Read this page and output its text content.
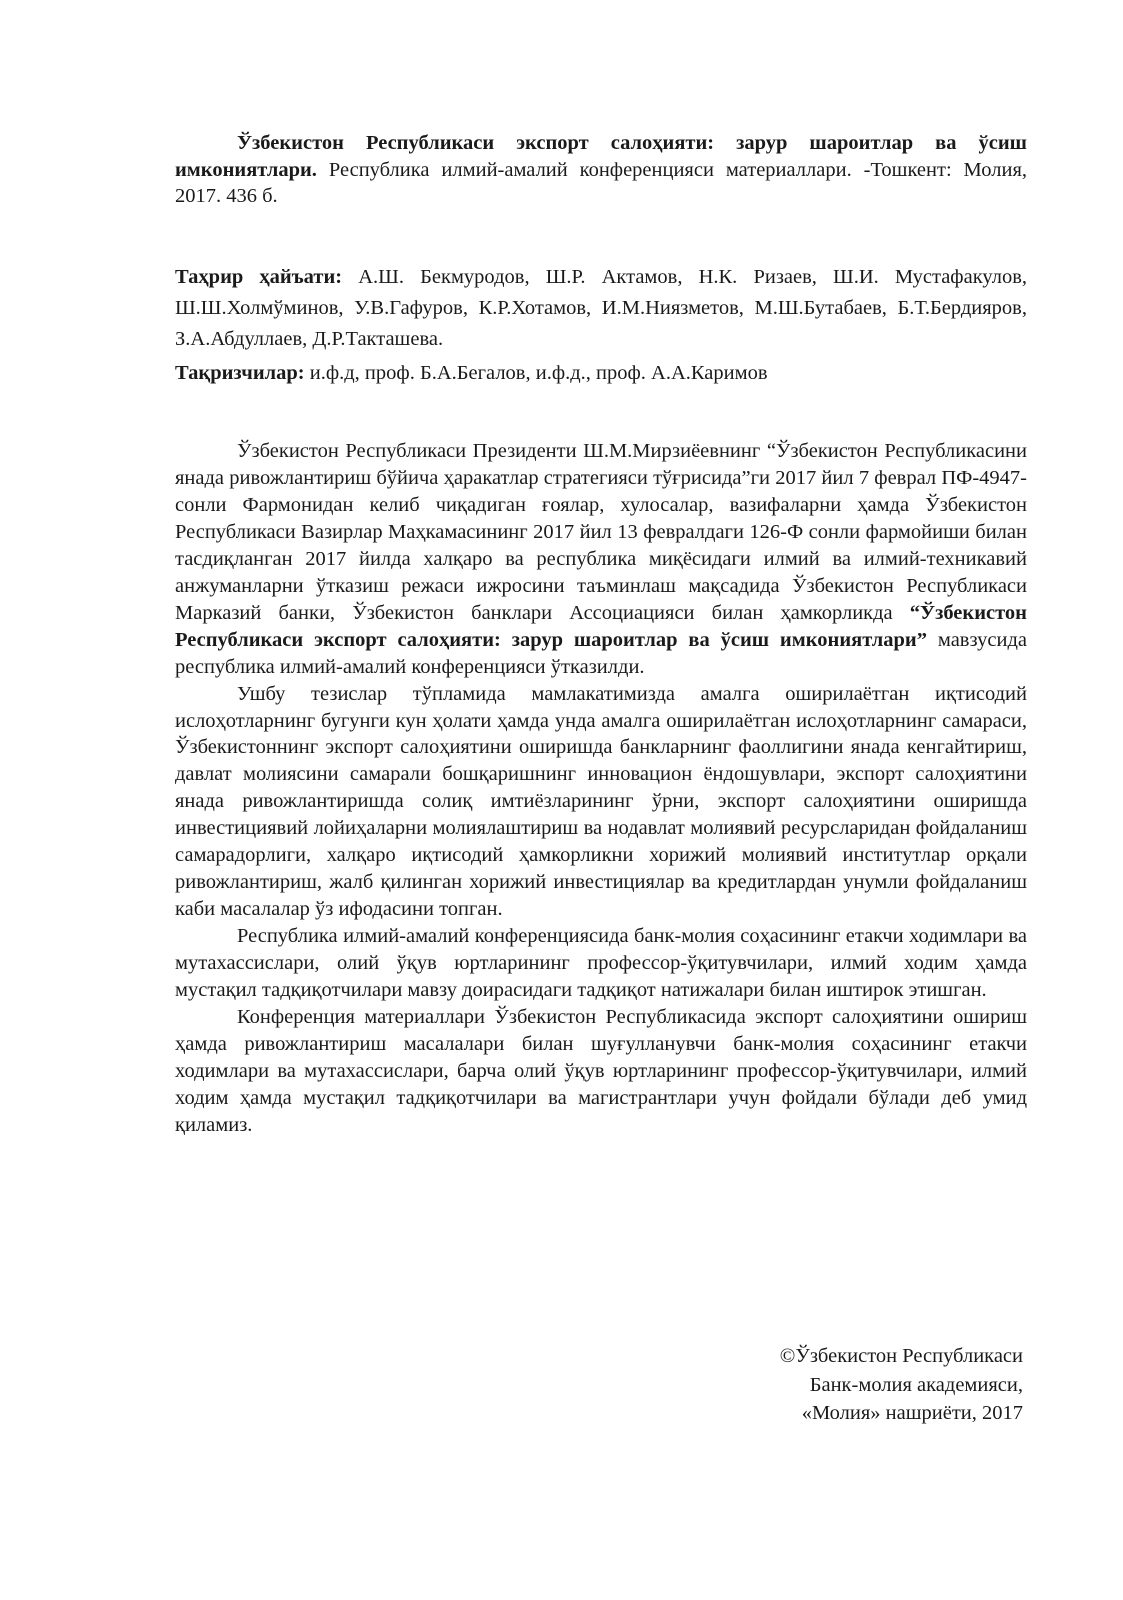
Ўзбекистон Республикаси экспорт салоҳияти: зарур шароитлар ва ўсиш имкониятлари. Республика илмий-амалий конференцияси материаллари. -Тошкент: Молия, 2017. 436 б.
Таҳрир ҳайъати: А.Ш. Бекмуродов, Ш.Р. Актамов, Н.К. Ризаев, Ш.И. Мустафакулов, Ш.Ш.Холмўминов, У.В.Гафуров, К.Р.Хотамов, И.М.Ниязметов, М.Ш.Бутабаев, Б.Т.Бердияров, З.А.Абдуллаев, Д.Р.Такташева.
Тақризчилар: и.ф.д, проф. Б.А.Бегалов, и.ф.д., проф. А.А.Каримов

Ўзбекистон Республикаси Президенти Ш.М.Мирзиёевнинг “Ўзбекистон Республикасини янада ривожлантириш бўйича ҳаракатлар стратегияси тўғрисида”ги 2017 йил 7 феврал ПФ-4947-сонли Фармонидан келиб чиқадиган ғоялар, хулосалар, вазифаларни ҳамда Ўзбекистон Республикаси Вазирлар Маҳкамасининг 2017 йил 13 февралдаги 126-Ф сонли фармойиши билан тасдиқланган 2017 йилда халқаро ва республика миқёсидаги илмий ва илмий-техникавий анжуманларни ўтказиш режаси ижросини таъминлаш мақсадида Ўзбекистон Республикаси Марказий банки, Ўзбекистон банклари Ассоциацияси билан ҳамкорликда “Ўзбекистон Республикаси экспорт салоҳияти: зарур шароитлар ва ўсиш имкониятлари” мавзусида республика илмий-амалий конференцияси ўтказилди.

Ушбу тезислар тўпламида мамлакатимизда амалга оширилаётган иқтисодий ислоҳотларнинг бугунги кун ҳолати ҳамда унда амалга оширилаётган ислоҳотларнинг самараси, Ўзбекистоннинг экспорт салоҳиятини оширишда банкларнинг фаоллигини янада кенгайтириш, давлат молиясини самарали бошқаришнинг инновацион ёндошувлари, экспорт салоҳиятини янада ривожлантиришда солиқ имтиёзларининг ўрни, экспорт салоҳиятини оширишда инвестициявий лойиҳаларни молиялаштириш ва нодавлат молиявий ресурсларидан фойдаланиш самарадорлиги, халқаро иқтисодий ҳамкорликни хорижий молиявий институтлар орқали ривожлантириш, жалб қилинган хорижий инвестициялар ва кредитлардан унумли фойдаланиш каби масалалар ўз ифодасини топган.

Республика илмий-амалий конференциясида банк-молия соҳасининг етакчи ходимлари ва мутахассислари, олий ўқув юртларининг профессор-ўқитувчилари, илмий ходим ҳамда мустақил тадқиқотчилари мавзу доирасидаги тадқиқот натижалари билан иштирок этишган.

Конференция материаллари Ўзбекистон Республикасида экспорт салоҳиятини ошириш ҳамда ривожлантириш масалалари билан шуғулланувчи банк-молия соҳасининг етакчи ходимлари ва мутахассислари, барча олий ўқув юртларининг профессор-ўқитувчилари, илмий ходим ҳамда мустақил тадқиқотчилари ва магистрантлари учун фойдали бўлади деб умид қиламиз.

©Ўзбекистон Республикаси
Банк-молия академияси,
«Молия» нашриёти, 2017
